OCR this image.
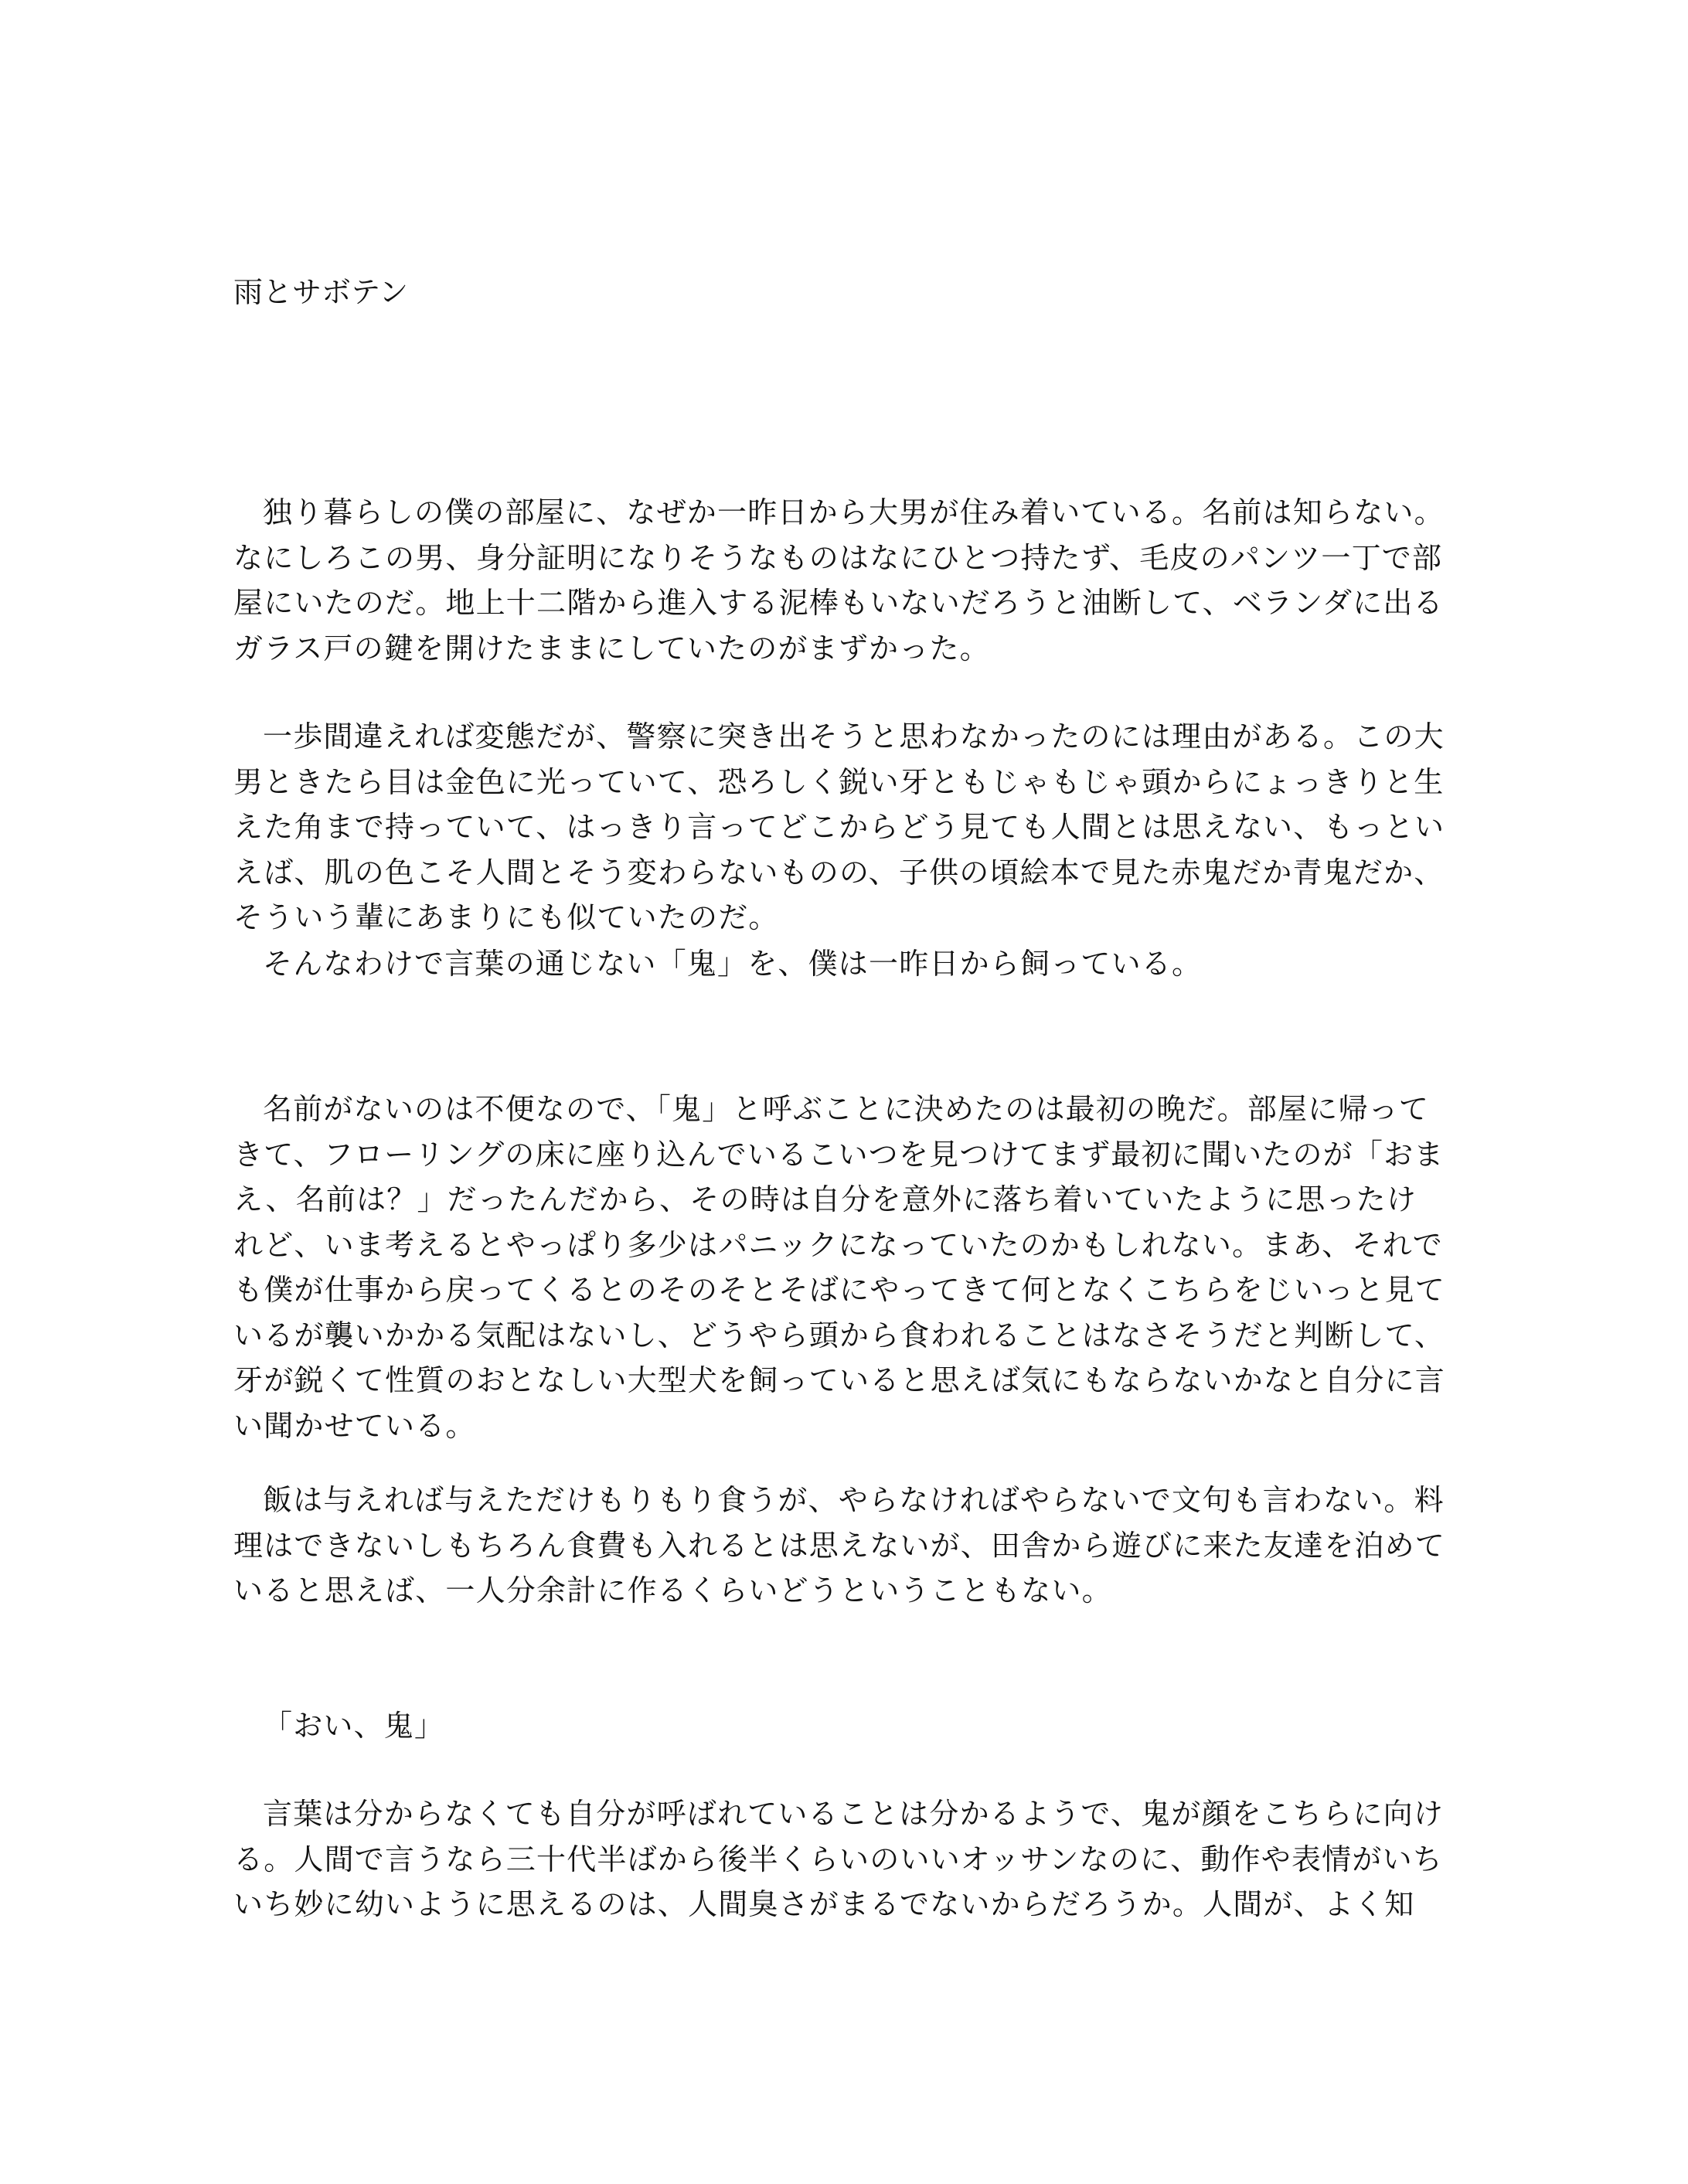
雨とサボテン

独り暮らしの僕の部屋に、なぜか一昨日から大男が住み着いている。名前は知らない。なにしろこの男、身分証明になりそうなものはなにひとつ持たず、毛皮のパンツ一丁で部屋にいたのだ。地上十二階から進入する泥棒もいないだろうと油断して、ベランダに出るガラス戸の鍵を開けたままにしていたのがまずかった。

一歩間違えれば変態だが、警察に突き出そうと思わなかったのには理由がある。この大男ときたら目は金色に光っていて、恐ろしく鋭い牙ともじゃもじゃ頭からにょっきりと生えた角まで持っていて、はっきり言ってどこからどう見ても人間とは思えない、もっといえば、肌の色こそ人間とそう変わらないものの、子供の頃絵本で見た赤鬼だか青鬼だか、そういう輩にあまりにも似ていたのだ。

そんなわけで言葉の通じない「鬼」を、僕は一昨日から飼っている。

名前がないのは不便なので、「鬼」と呼ぶことに決めたのは最初の晩だ。部屋に帰ってきて、フローリングの床に座り込んでいるこいつを見つけてまず最初に聞いたのが「おまえ、名前は？」だったんだから、その時は自分を意外に落ち着いていたように思ったけれど、いま考えるとやっぱり多少はパニックになっていたのかもしれない。まあ、それでも僕が仕事から戻ってくるとのそのそとそばにやってきて何となくこちらをじいっと見ているが襲いかかる気配はないし、どうやら頭から食われることはなさそうだと判断して、牙が鋭くて性質のおとなしい大型犬を飼っていると思えば気にもならないかなと自分に言い聞かせている。

飯は与えれば与えただけもりもり食うが、やらなければやらないで文句も言わない。料理はできないしもちろん食費も入れるとは思えないが、田舎から遊びに来た友達を泊めていると思えば、一人分余計に作るくらいどうということもない。

「おい、鬼」

言葉は分からなくても自分が呼ばれていることは分かるようで、鬼が顔をこちらに向ける。人間で言うなら三十代半ばから後半くらいのいいオッサンなのに、動作や表情がいちいち妙に幼いように思えるのは、人間臭さがまるでないからだろうか。人間が、よく知
